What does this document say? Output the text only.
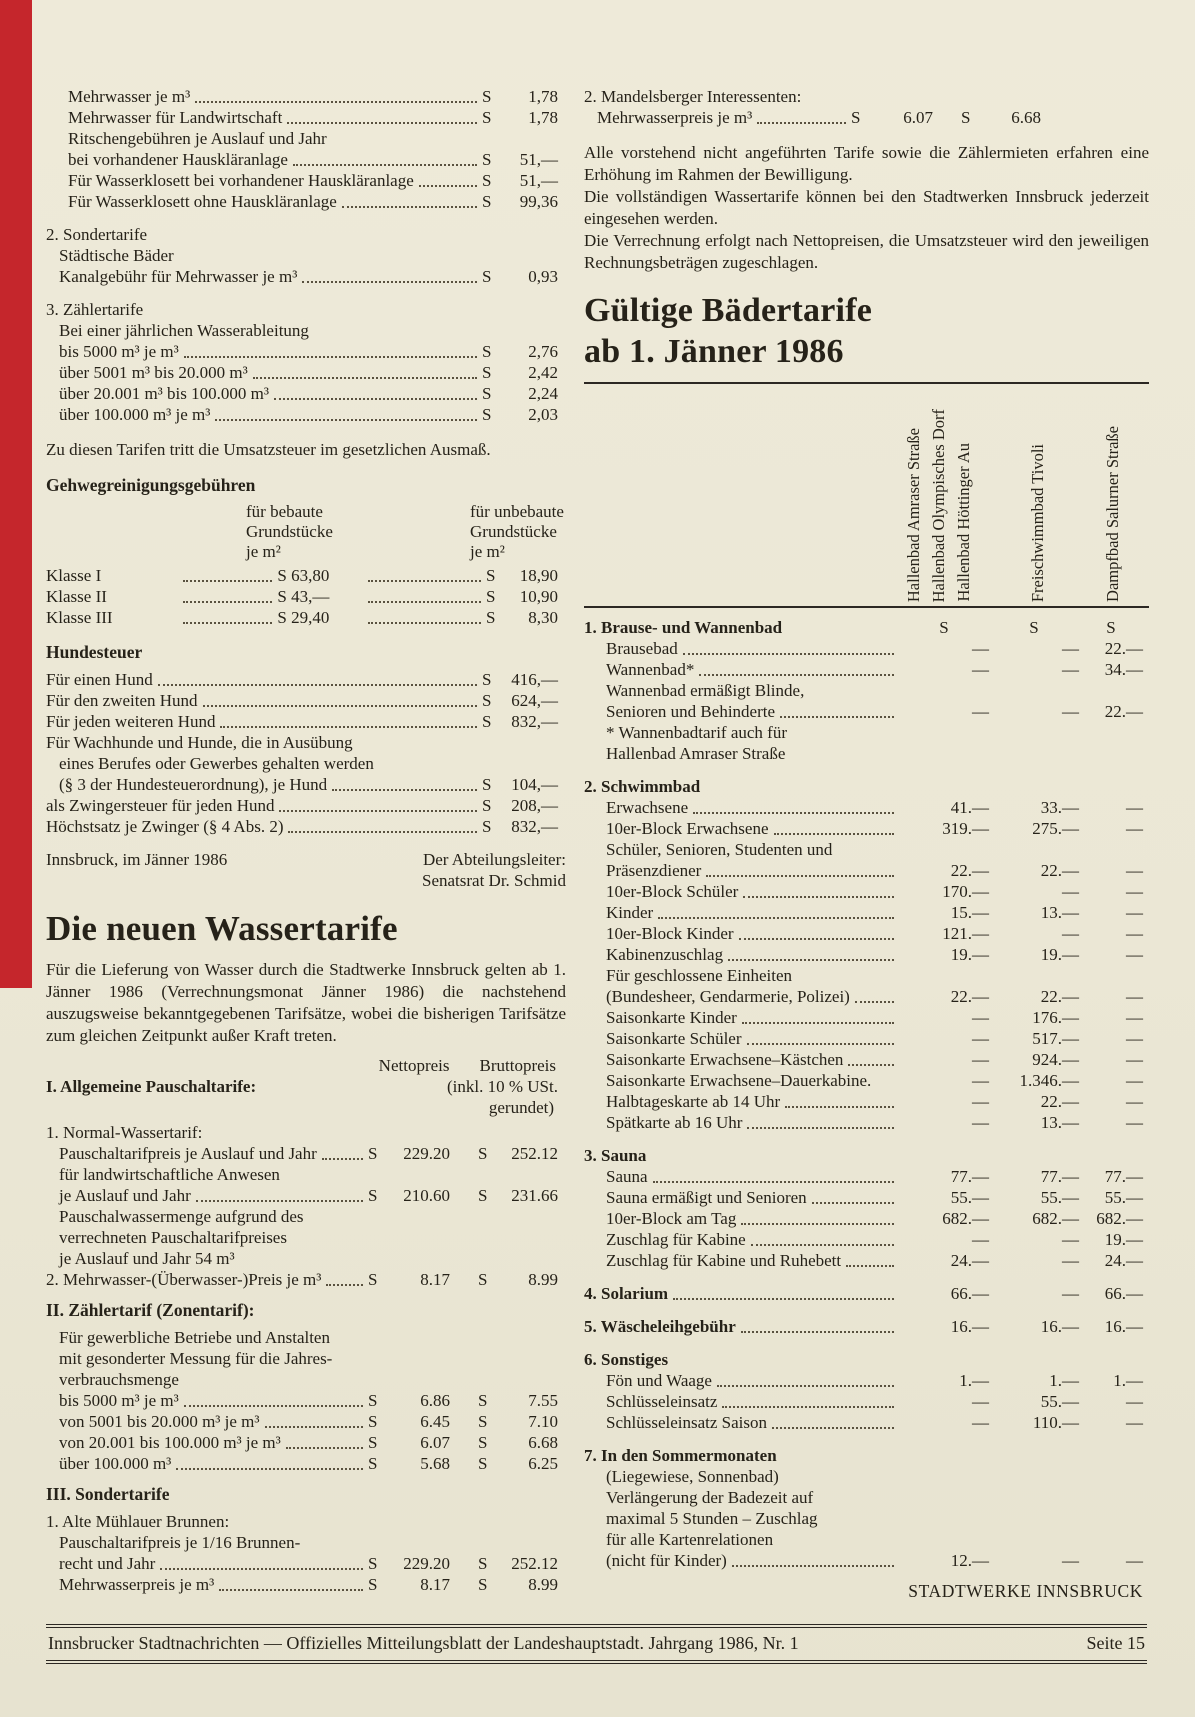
Mehrwasser je m³	S	1,78
Mehrwasser für Landwirtschaft	S	1,78
Ritschengebühren je Auslauf und Jahr
bei vorhandener Hauskläranlage	S	51,—
Für Wasserklosett bei vorhandener Hauskläranlage	S	51,—
Für Wasserklosett ohne Hauskläranlage	S	99,36
2. Sondertarife
Städtische Bäder
Kanalgebühr für Mehrwasser je m³	S	0,93
3. Zählertarife
Bei einer jährlichen Wasserableitung
bis 5000 m³ je m³	S	2,76
über 5001 m³ bis 20.000 m³	S	2,42
über 20.001 m³ bis 100.000 m³	S	2,24
über 100.000 m³ je m³	S	2,03
Zu diesen Tarifen tritt die Umsatzsteuer im gesetzlichen Ausmaß.
Gehwegreinigungsgebühren
für bebaute
Grundstücke
je m²
für unbebaute
Grundstücke
je m²
Klasse I	S 63,80	S	18,90
Klasse II	S 43,—	S	10,90
Klasse III	S 29,40	S	8,30
Hundesteuer
Für einen Hund	S	416,—
Für den zweiten Hund	S	624,—
Für jeden weiteren Hund	S	832,—
Für Wachhunde und Hunde, die in Ausübung
eines Berufes oder Gewerbes gehalten werden
(§ 3 der Hundesteuerordnung), je Hund	S	104,—
als Zwingersteuer für jeden Hund	S	208,—
Höchstsatz je Zwinger (§ 4 Abs. 2)	S	832,—
Innsbruck, im Jänner 1986	Der Abteilungsleiter:
Senatsrat Dr. Schmid
Die neuen Wassertarife

Für die Lieferung von Wasser durch die Stadtwerke Innsbruck gelten ab 1. Jänner 1986 (Verrechnungsmonat Jänner 1986) die nachstehend auszugsweise bekanntgegebenen Tarifsätze, wobei die bisherigen Tarifsätze zum gleichen Zeitpunkt außer Kraft treten.

Nettopreis Bruttopreis
I. Allgemeine Pauschaltarife:	(inkl. 10 % USt.
gerundet)
1. Normal-Wassertarif:
Pauschaltarifpreis je Auslauf und Jahr	S	229.20 S	252.12
für landwirtschaftliche Anwesen
je Auslauf und Jahr	S	210.60 S	231.66
Pauschalwassermenge aufgrund des
verrechneten Pauschaltarifpreises
je Auslauf und Jahr 54 m³
2. Mehrwasser-(Überwasser-)Preis je m³	S	8.17 S	8.99
II. Zählertarif (Zonentarif):
Für gewerbliche Betriebe und Anstalten
mit gesonderter Messung für die Jahres-
verbrauchsmenge
bis 5000 m³ je m³	S	6.86 S	7.55
von 5001 bis 20.000 m³ je m³	S	6.45 S	7.10
von 20.001 bis 100.000 m³ je m³	S	6.07 S	6.68
über 100.000 m³	S	5.68 S	6.25
III. Sondertarife
1. Alte Mühlauer Brunnen:
Pauschaltarifpreis je 1/16 Brunnen-
recht und Jahr	S	229.20 S	252.12
Mehrwasserpreis je m³	S	8.17 S	8.99
2. Mandelsberger Interessenten:
Mehrwasserpreis je m³	S	6.07 S	6.68

Alle vorstehend nicht angeführten Tarife sowie die Zählermieten erfahren eine Erhöhung im Rahmen der Bewilligung.

Die vollständigen Wassertarife können bei den Stadtwerken Innsbruck jederzeit eingesehen werden.

Die Verrechnung erfolgt nach Nettopreisen, die Umsatzsteuer wird den jeweiligen Rechnungsbeträgen zugeschlagen.

Gültige Bädertarife
ab 1. Jänner 1986
Hallenbad Amraser Straße Hallenbad Olympisches Dorf Hallenbad Höttinger Au	Freischwimmbad Tivoli	Dampfbad Salurner Straße
1. Brause- und Wannenbad	S	S	S
Brausebad	—	—	22.—
Wannenbad*	—	—	34.—
Wannenbad ermäßigt Blinde,
Senioren und Behinderte	—	—	22.—
* Wannenbadtarif auch für
Hallenbad Amraser Straße
2. Schwimmbad
Erwachsene	41.—	33.—	—
10er-Block Erwachsene	319.—	275.—	—
Schüler, Senioren, Studenten und
Präsenzdiener	22.—	22.—	—
10er-Block Schüler	170.—	—	—
Kinder	15.—	13.—	—
10er-Block Kinder	121.—	—	—
Kabinenzuschlag	19.—	19.—	—
Für geschlossene Einheiten
(Bundesheer, Gendarmerie, Polizei)	22.—	22.—	—
Saisonkarte Kinder	—	176.—	—
Saisonkarte Schüler	—	517.—	—
Saisonkarte Erwachsene–Kästchen	—	924.—	—
Saisonkarte Erwachsene–Dauerkabine.	—	1.346.—	—
Halbtageskarte ab 14 Uhr	—	22.—	—
Spätkarte ab 16 Uhr	—	13.—	—
3. Sauna
Sauna	77.—	77.—	77.—
Sauna ermäßigt und Senioren	55.—	55.—	55.—
10er-Block am Tag	682.—	682.—	682.—
Zuschlag für Kabine	—	—	19.—
Zuschlag für Kabine und Ruhebett	24.—	—	24.—
4. Solarium	66.—	—	66.—
5. Wäscheleihgebühr	16.—	16.—	16.—
6. Sonstiges
Fön und Waage	1.—	1.—	1.—
Schlüsseleinsatz	—	55.—	—
Schlüsseleinsatz Saison	—	110.—	—
7. In den Sommermonaten
(Liegewiese, Sonnenbad)
Verlängerung der Badezeit auf
maximal 5 Stunden – Zuschlag
für alle Kartenrelationen
(nicht für Kinder)	12.—	—	—
STADTWERKE INNSBRUCK
Innsbrucker Stadtnachrichten — Offizielles Mitteilungsblatt der Landeshauptstadt. Jahrgang 1986, Nr. 1	Seite 15
